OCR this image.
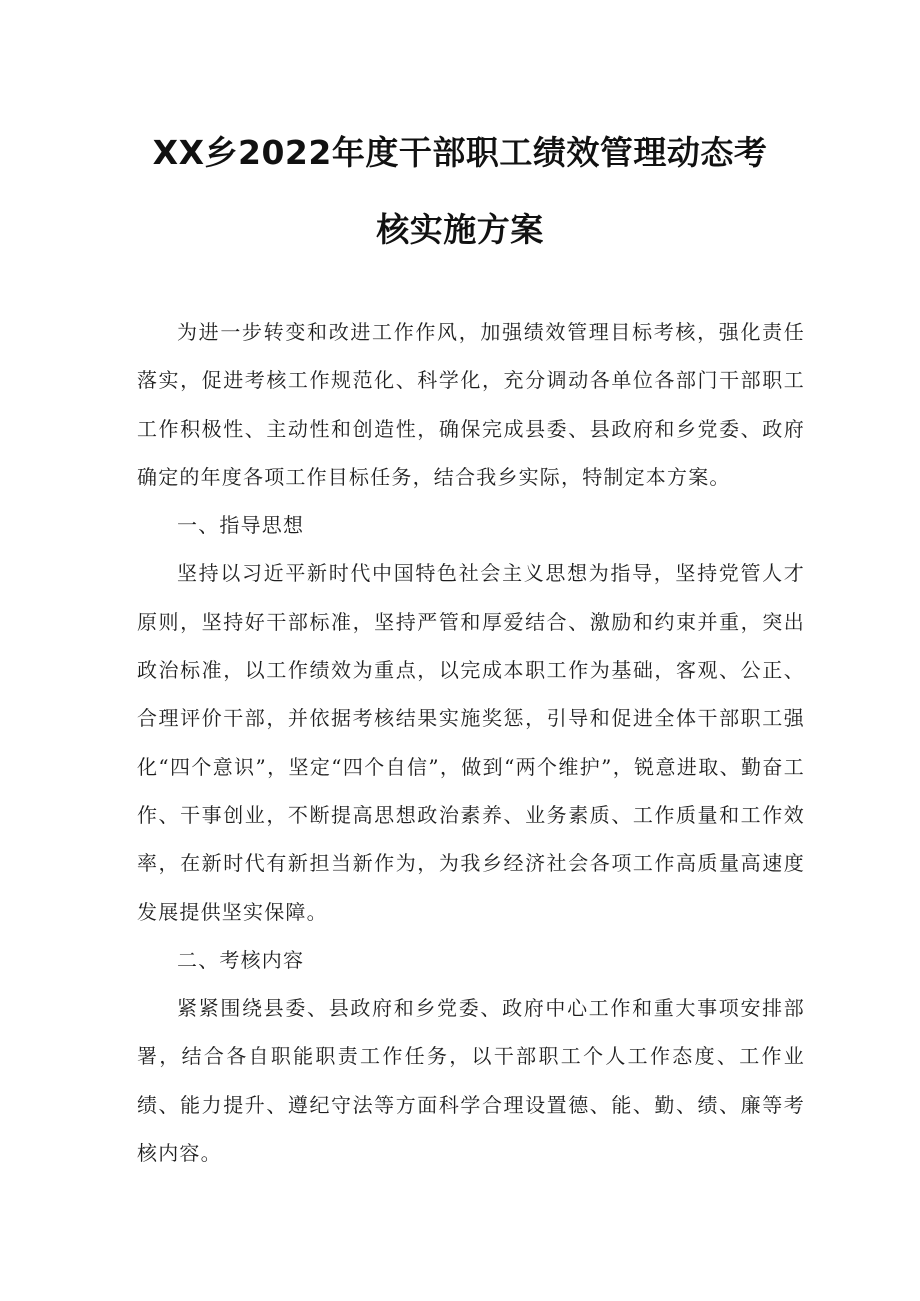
XX乡2022年度干部职工绩效管理动态考
核实施方案

为进一步转变和改进工作作风，加强绩效管理目标考核，强化责任落实，促进考核工作规范化、科学化，充分调动各单位各部门干部职工工作积极性、主动性和创造性，确保完成县委、县政府和乡党委、政府确定的年度各项工作目标任务，结合我乡实际，特制定本方案。

一、指导思想

坚持以习近平新时代中国特色社会主义思想为指导，坚持党管人才原则，坚持好干部标准，坚持严管和厚爱结合、激励和约束并重，突出政治标准，以工作绩效为重点，以完成本职工作为基础，客观、公正、合理评价干部，并依据考核结果实施奖惩，引导和促进全体干部职工强化“四个意识”，坚定“四个自信”，做到“两个维护”，锐意进取、勤奋工作、干事创业，不断提高思想政治素养、业务素质、工作质量和工作效率，在新时代有新担当新作为，为我乡经济社会各项工作高质量高速度发展提供坚实保障。

二、考核内容

紧紧围绕县委、县政府和乡党委、政府中心工作和重大事项安排部署，结合各自职能职责工作任务，以干部职工个人工作态度、工作业绩、能力提升、遵纪守法等方面科学合理设置德、能、勤、绩、廉等考核内容。
